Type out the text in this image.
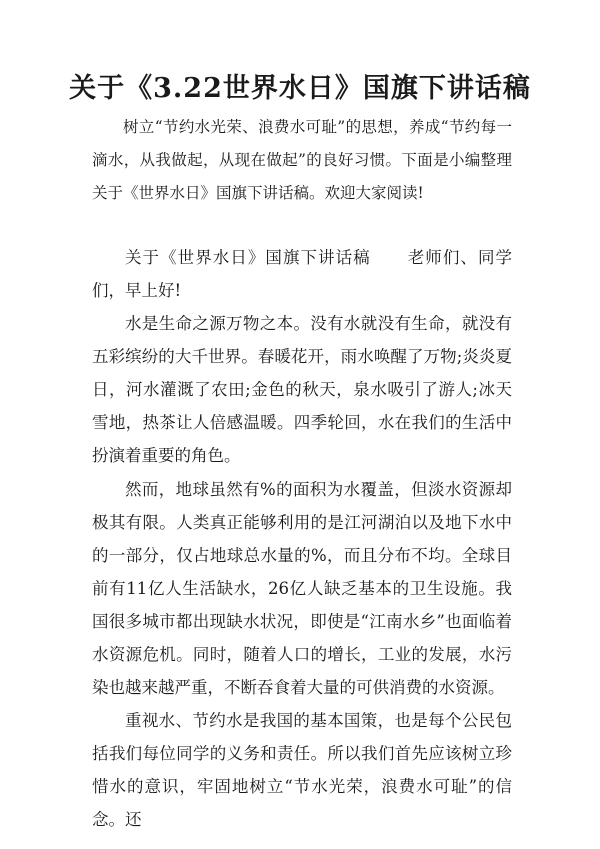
关于《3.22世界水日》国旗下讲话稿

树立“节约水光荣、浪费水可耻”的思想，养成“节约每一滴水，从我做起，从现在做起”的良好习惯。下面是小编整理关于《世界水日》国旗下讲话稿。欢迎大家阅读!

关于《世界水日》国旗下讲话稿 老师们、同学们，早上好!

水是生命之源万物之本。没有水就没有生命，就没有五彩缤纷的大千世界。春暖花开，雨水唤醒了万物;炎炎夏日，河水灌溉了农田;金色的秋天，泉水吸引了游人;冰天雪地，热茶让人倍感温暖。四季轮回，水在我们的生活中扮演着重要的角色。

然而，地球虽然有%的面积为水覆盖，但淡水资源却极其有限。人类真正能够利用的是江河湖泊以及地下水中的一部分，仅占地球总水量的%，而且分布不均。全球目前有11亿人生活缺水，26亿人缺乏基本的卫生设施。我国很多城市都出现缺水状况，即使是“江南水乡”也面临着水资源危机。同时，随着人口的增长，工业的发展，水污染也越来越严重，不断吞食着大量的可供消费的水资源。

重视水、节约水是我国的基本国策，也是每个公民包括我们每位同学的义务和责任。所以我们首先应该树立珍惜水的意识，牢固地树立“节水光荣，浪费水可耻”的信念。还
